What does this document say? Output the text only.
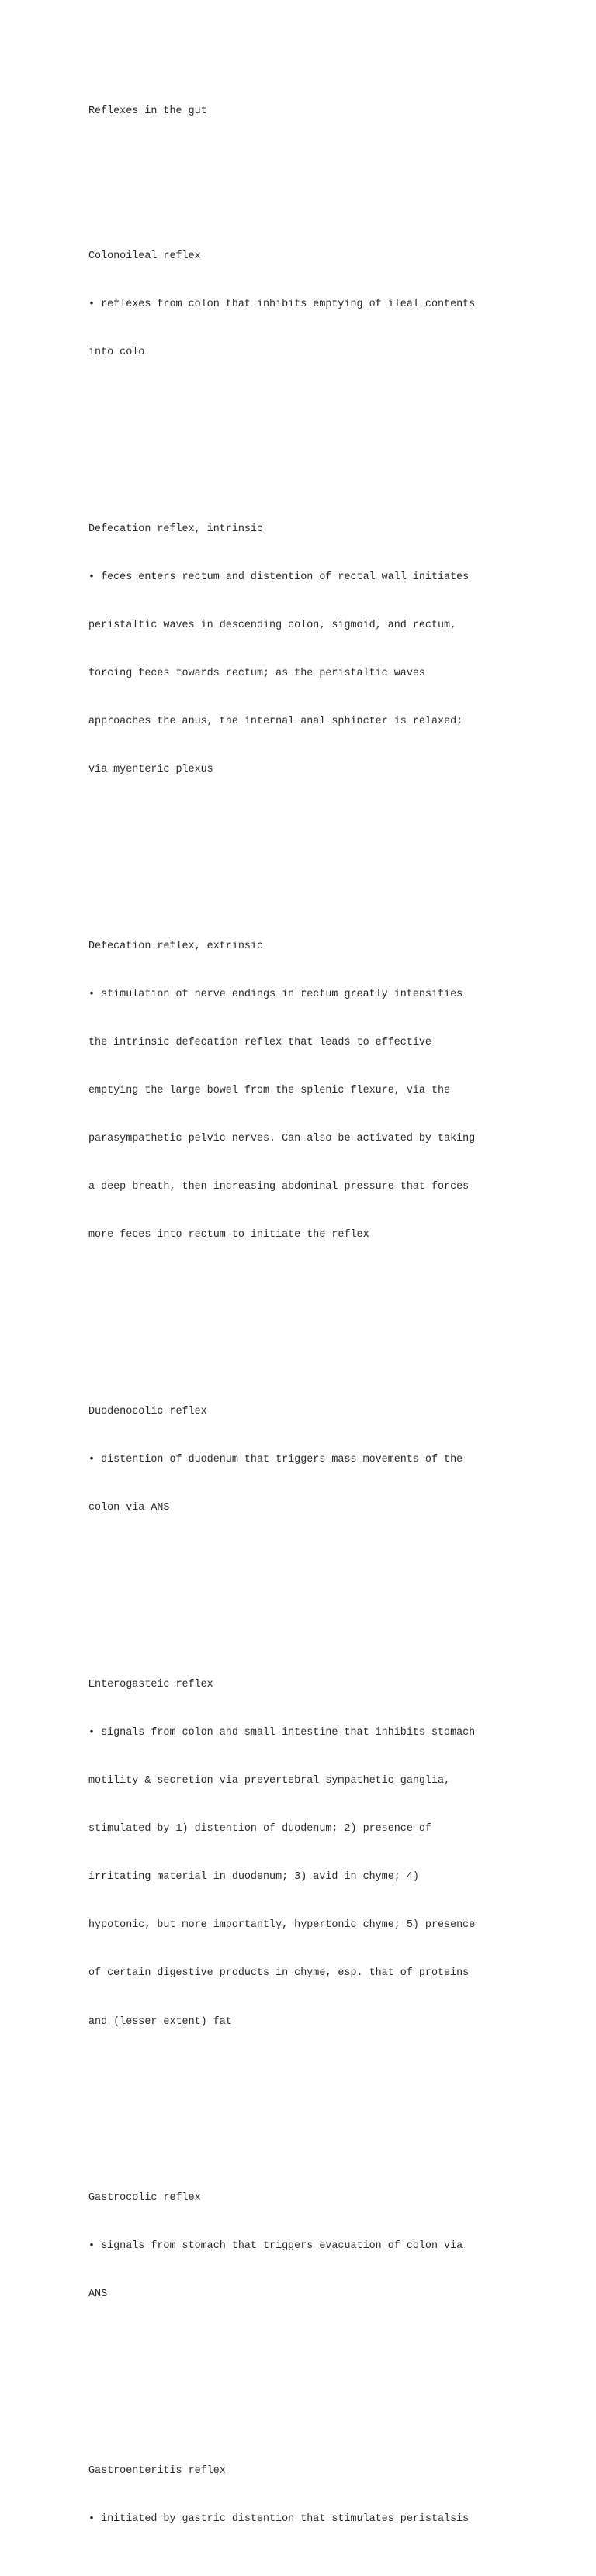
Reflexes in the gut

Colonoileal reflex

• reflexes from colon that inhibits emptying of ileal contents

into colo

Defecation reflex, intrinsic

• feces enters rectum and distention of rectal wall initiates

peristaltic waves in descending colon, sigmoid, and rectum,

forcing feces towards rectum; as the peristaltic waves

approaches the anus, the internal anal sphincter is relaxed;

via myenteric plexus

Defecation reflex, extrinsic

• stimulation of nerve endings in rectum greatly intensifies

the intrinsic defecation reflex that leads to effective

emptying the large bowel from the splenic flexure, via the

parasympathetic pelvic nerves. Can also be activated by taking

a deep breath, then increasing abdominal pressure that forces

more feces into rectum to initiate the reflex

Duodenocolic reflex

• distention of duodenum that triggers mass movements of the

colon via ANS

Enterogasteic reflex

• signals from colon and small intestine that inhibits stomach

motility & secretion via prevertebral sympathetic ganglia,

stimulated by 1) distention of duodenum; 2) presence of

irritating material in duodenum; 3) avid in chyme; 4)

hypotonic, but more importantly, hypertonic chyme; 5) presence

of certain digestive products in chyme, esp. that of proteins

and (lesser extent) fat

Gastrocolic reflex

• signals from stomach that triggers evacuation of colon via

ANS

Gastroenteritis reflex

• initiated by gastric distention that stimulates peristalsis
